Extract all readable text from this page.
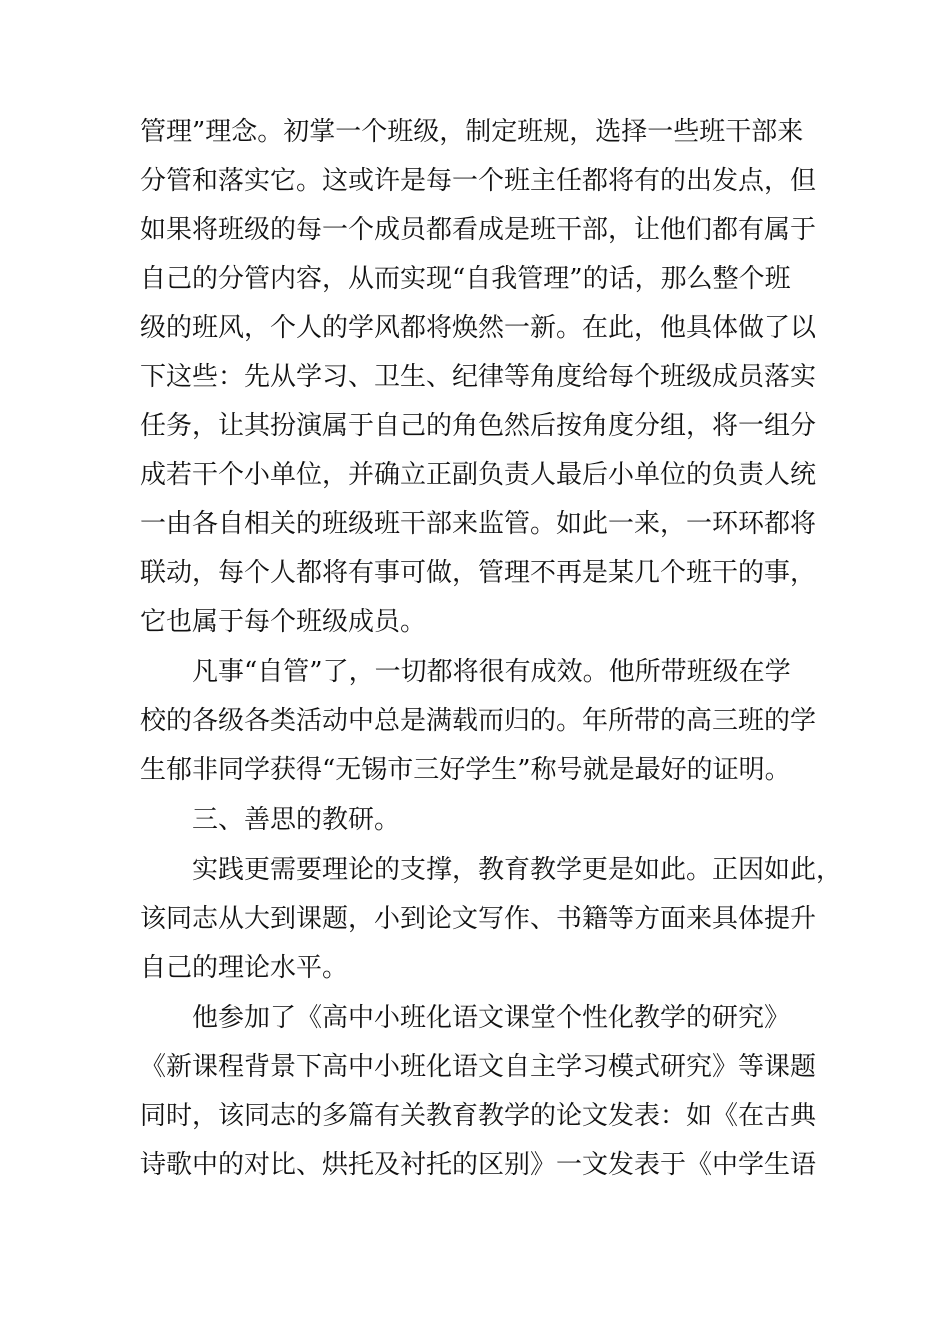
管理”理念。初掌一个班级，制定班规，选择一些班干部来
分管和落实它。这或许是每一个班主任都将有的出发点，但
如果将班级的每一个成员都看成是班干部，让他们都有属于
自己的分管内容，从而实现“自我管理”的话，那么整个班
级的班风，个人的学风都将焕然一新。在此，他具体做了以
下这些：先从学习、卫生、纪律等角度给每个班级成员落实
任务，让其扮演属于自己的角色然后按角度分组，将一组分
成若干个小单位，并确立正副负责人最后小单位的负责人统
一由各自相关的班级班干部来监管。如此一来，一环环都将
联动，每个人都将有事可做，管理不再是某几个班干的事，
它也属于每个班级成员。
凡事“自管”了，一切都将很有成效。他所带班级在学
校的各级各类活动中总是满载而归的。年所带的高三班的学
生郁非同学获得“无锡市三好学生”称号就是最好的证明。
三、善思的教研。
实践更需要理论的支撑，教育教学更是如此。正因如此，
该同志从大到课题，小到论文写作、书籍等方面来具体提升
自己的理论水平。
他参加了《高中小班化语文课堂个性化教学的研究》
《新课程背景下高中小班化语文自主学习模式研究》等课题
同时，该同志的多篇有关教育教学的论文发表：如《在古典
诗歌中的对比、烘托及衬托的区别》一文发表于《中学生语
